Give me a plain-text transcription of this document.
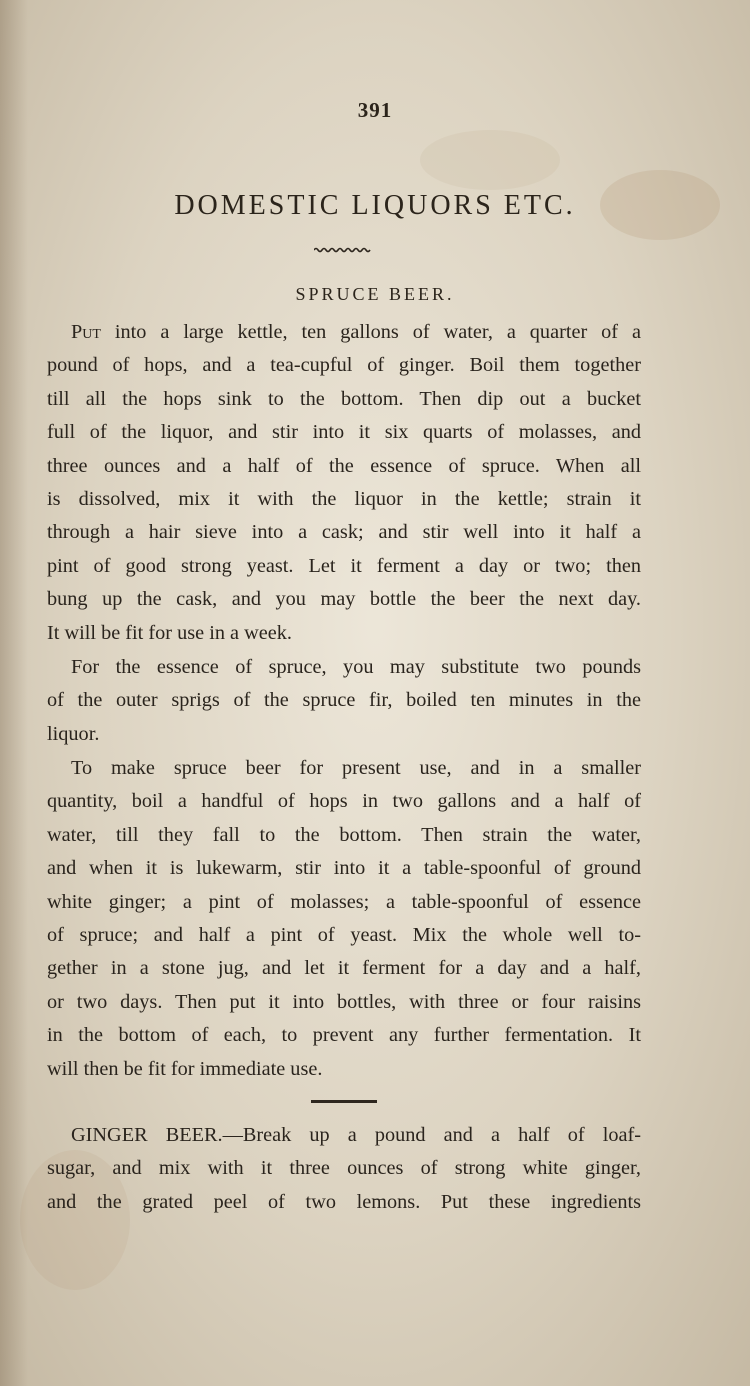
391
DOMESTIC LIQUORS ETC.
SPRUCE BEER.
Put into a large kettle, ten gallons of water, a quarter of a
pound of hops, and a tea-cupful of ginger. Boil them together
till all the hops sink to the bottom. Then dip out a bucket
full of the liquor, and stir into it six quarts of molasses, and
three ounces and a half of the essence of spruce. When all
is dissolved, mix it with the liquor in the kettle; strain it
through a hair sieve into a cask; and stir well into it half a
pint of good strong yeast. Let it ferment a day or two; then
bung up the cask, and you may bottle the beer the next day.
It will be fit for use in a week.
For the essence of spruce, you may substitute two pounds
of the outer sprigs of the spruce fir, boiled ten minutes in the
liquor.
To make spruce beer for present use, and in a smaller
quantity, boil a handful of hops in two gallons and a half of
water, till they fall to the bottom. Then strain the water,
and when it is lukewarm, stir into it a table-spoonful of ground
white ginger; a pint of molasses; a table-spoonful of essence
of spruce; and half a pint of yeast. Mix the whole well to-
gether in a stone jug, and let it ferment for a day and a half,
or two days. Then put it into bottles, with three or four raisins
in the bottom of each, to prevent any further fermentation. It
will then be fit for immediate use.
GINGER BEER.—Break up a pound and a half of loaf-
sugar, and mix with it three ounces of strong white ginger,
and the grated peel of two lemons. Put these ingredients
